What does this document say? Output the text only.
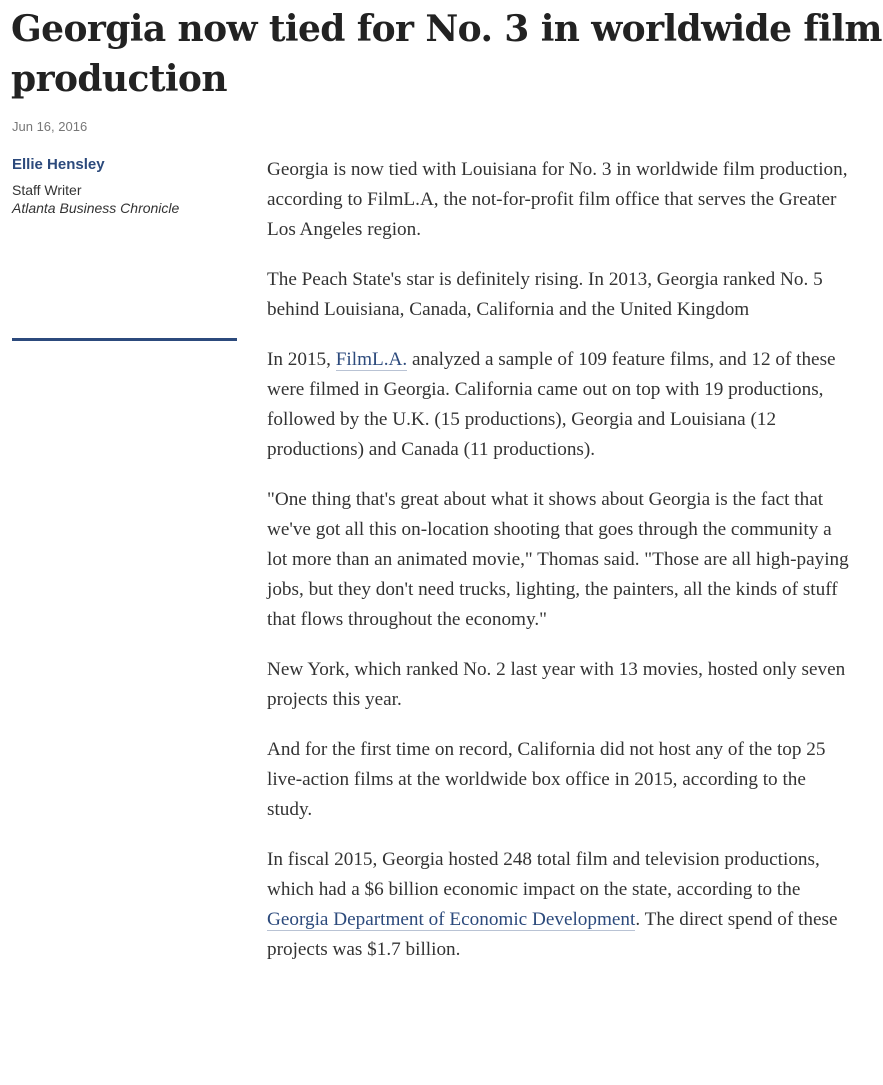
Georgia now tied for No. 3 in worldwide film production
Jun 16, 2016
Ellie Hensley
Staff Writer
Atlanta Business Chronicle

Georgia is now tied with Louisiana for No. 3 in worldwide film production, according to FilmL.A, the not-for-profit film office that serves the Greater Los Angeles region.

The Peach State's star is definitely rising. In 2013, Georgia ranked No. 5 behind Louisiana, Canada, California and the United Kingdom

In 2015, FilmL.A. analyzed a sample of 109 feature films, and 12 of these were filmed in Georgia. California came out on top with 19 productions, followed by the U.K. (15 productions), Georgia and Louisiana (12 productions) and Canada (11 productions).

"One thing that's great about what it shows about Georgia is the fact that we've got all this on-location shooting that goes through the community a lot more than an animated movie," Thomas said. "Those are all high-paying jobs, but they don't need trucks, lighting, the painters, all the kinds of stuff that flows throughout the economy."

New York, which ranked No. 2 last year with 13 movies, hosted only seven projects this year.

And for the first time on record, California did not host any of the top 25 live-action films at the worldwide box office in 2015, according to the study.

In fiscal 2015, Georgia hosted 248 total film and television productions, which had a $6 billion economic impact on the state, according to the Georgia Department of Economic Development. The direct spend of these projects was $1.7 billion.
